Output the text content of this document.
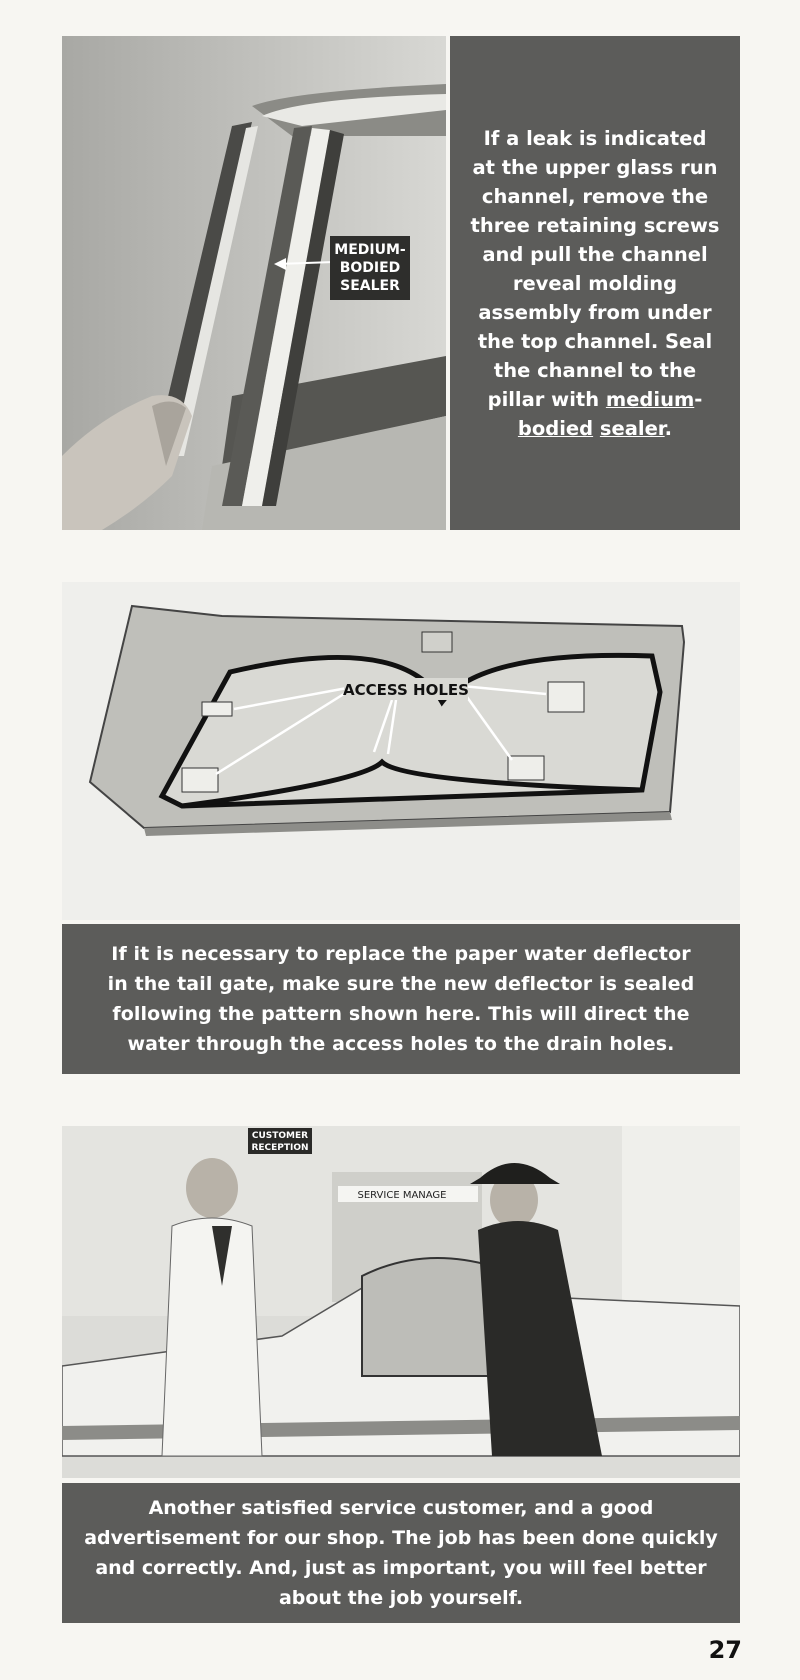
MEDIUM-
BODIED
SEALER
If a leak is indicated at the upper glass run channel, remove the three retaining screws and pull the channel reveal molding assembly from under the top channel. Seal the channel to the pillar with medium-bodied sealer.
ACCESS HOLES
If it is necessary to replace the paper water deflector in the tail gate, make sure the new deflector is sealed following the pattern shown here. This will direct the water through the access holes to the drain holes.
SERVICE MANAGE
CUSTOMER
RECEPTION
Another satisfied service customer, and a good advertisement for our shop. The job has been done quickly and correctly. And, just as important, you will feel better about the job yourself.
27
